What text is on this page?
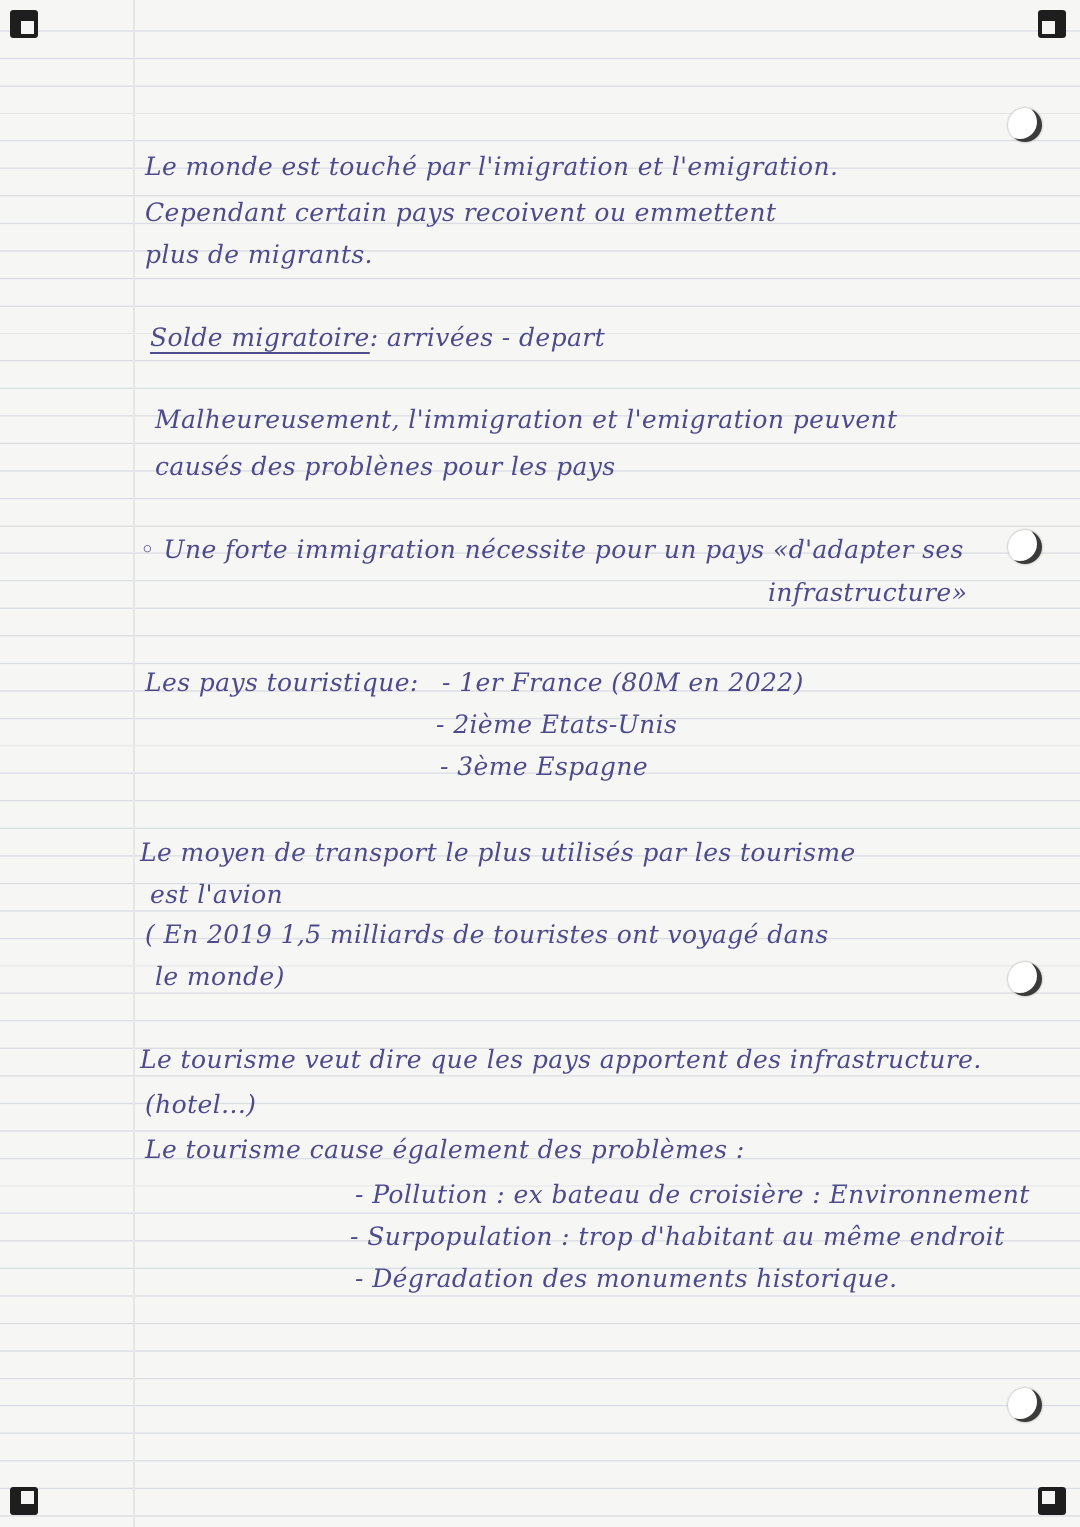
Le monde est touché par l'imigration et l'emigration.
Cependant certain pays recoivent ou emmettent
plus de migrants.
Solde migratoire: arrivées - depart
Malheureusement, l'immigration et l'emigration peuvent
causés des problènes pour les pays
◦ Une forte immigration nécessite pour un pays «d'adapter ses
infrastructure»
Les pays touristique: - 1er France (80M en 2022)
- 2ième Etats-Unis
- 3ème Espagne
Le moyen de transport le plus utilisés par les tourisme
est l'avion
( En 2019 1,5 milliards de touristes ont voyagé dans
le monde)
Le tourisme veut dire que les pays apportent des infrastructure.
(hotel...)
Le tourisme cause également des problèmes :
- Pollution : ex bateau de croisière : Environnement
- Surpopulation : trop d'habitant au même endroit
- Dégradation des monuments historique.
